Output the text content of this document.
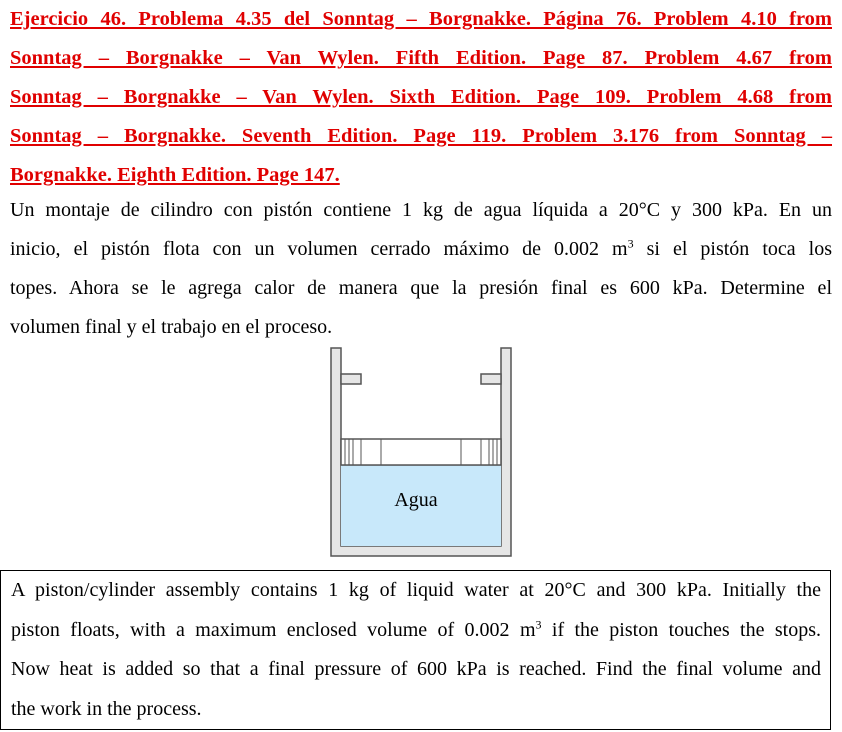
Ejercicio 46. Problema 4.35 del Sonntag – Borgnakke. Página 76. Problem 4.10 from
Sonntag – Borgnakke – Van Wylen. Fifth Edition. Page 87. Problem 4.67 from
Sonntag – Borgnakke – Van Wylen. Sixth Edition. Page 109. Problem 4.68 from
Sonntag – Borgnakke. Seventh Edition. Page 119. Problem 3.176 from Sonntag –
Borgnakke. Eighth Edition. Page 147.
Un montaje de cilindro con pistón contiene 1 kg de agua líquida a 20°C y 300 kPa. En un
inicio, el pistón flota con un volumen cerrado máximo de 0.002 $m^3$ si el pistón toca los
topes. Ahora se le agrega calor de manera que la presión final es 600 kPa. Determine el
volumen final y el trabajo en el proceso.
Agua
A piston/cylinder assembly contains 1 kg of liquid water at 20°C and 300 kPa. Initially the
piston floats, with a maximum enclosed volume of 0.002 $m^3$ if the piston touches the stops.
Now heat is added so that a final pressure of 600 kPa is reached. Find the final volume and
the work in the process.
